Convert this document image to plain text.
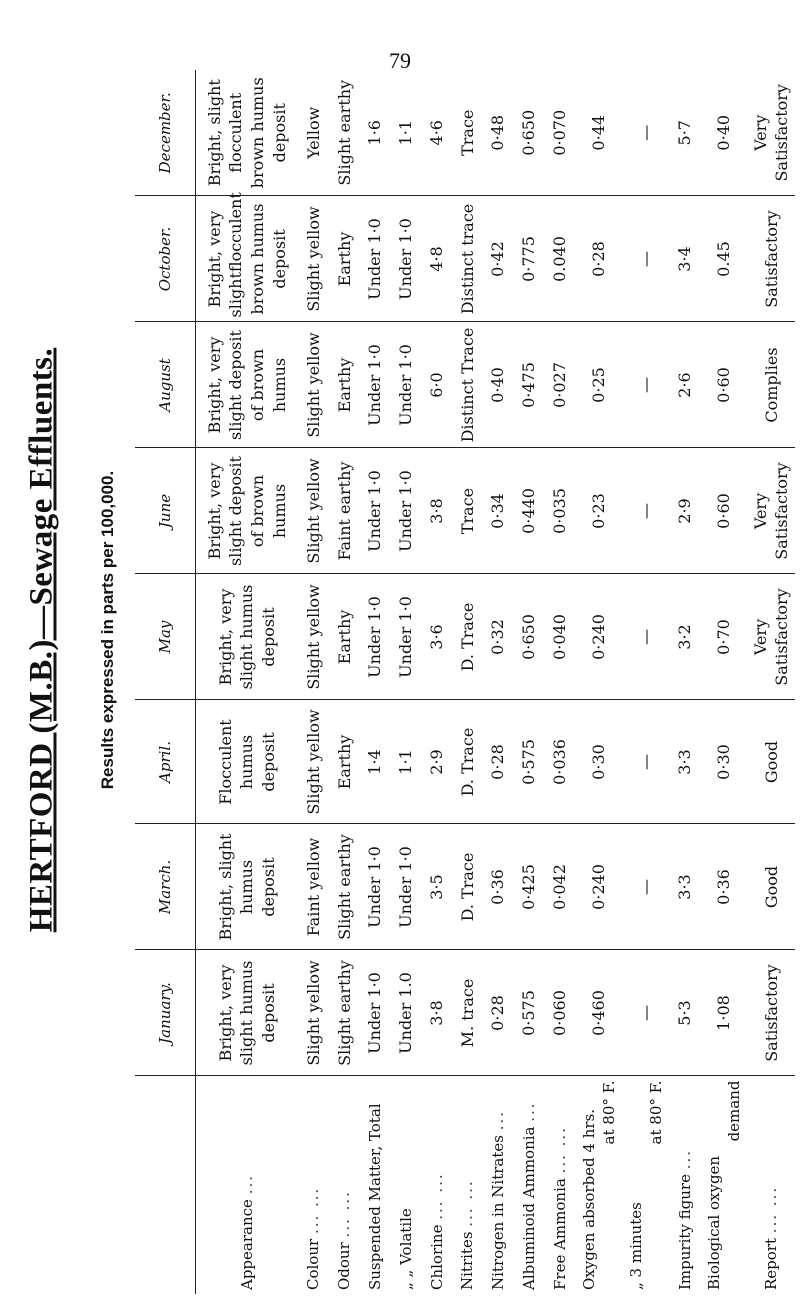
79
HERTFORD (M.B.)—Sewage Effluents. Results expressed in parts per 100,000.
	January.	March.	April.	May	June	August	October.	December.
Appearance ...	Bright, very slight humus deposit	Bright, slight humus deposit	Flocculent humus deposit	Bright, very slight humus deposit	Bright, very slight deposit of brown humus	Bright, very slight deposit of brown humus	Bright, very slightflocculent brown humus deposit	Bright, slight flocculent brown humus deposit

Colour ... ...	Slight yellow	Faint yellow	Slight yellow	Slight yellow	Slight yellow	Slight yellow	Slight yellow	Yellow

Odour ... ...	Slight earthy	Slight earthy	Earthy	Earthy	Faint earthy	Earthy	Earthy	Slight earthy

Suspended Matter, Total	Under 1·0	Under 1·0	1·4	Under 1·0	Under 1·0	Under 1·0	Under 1·0	1·6

„ „ Volatile	Under 1.0	Under 1·0	1·1	Under 1·0	Under 1·0	Under 1·0	Under 1·0	1·1

Chlorine ... ...	3·8	3·5	2·9	3·6	3·8	6·0	4·8	4·6

Nitrites ... ...	M. trace	D. Trace	D. Trace	D. Trace	Trace	Distinct Trace	Distinct trace	Trace

Nitrogen in Nitrates ...	0·28	0·36	0·28	0·32	0·34	0·40	0·42	0·48

Albuminoid Ammonia ...	0·575	0·425	0·575	0·650	0·440	0·475	0·775	0·650

Free Ammonia ... ...	0·060	0·042	0·036	0·040	0·035	0·027	0.040	0·070

Oxygen absorbed 4 hrs. at 80° F.	0·460	0·240	0·30	0·240	0·23	0·25	0·28	0·44

„ 3 minutes
at 80° F.	—	—	—	—	—	—	—	—

Impurity figure ...	5·3	3·3	3·3	3·2	2·9	2·6	3·4	5·7

Biological oxygen
demand	1·08	0·36	0·30	0·70	0·60	0·60	0.45	0·40

Report ... ...	Satisfactory	Good	Good	Very Satisfactory	Very Satisfactory	Complies	Satisfactory	Very Satisfactory
